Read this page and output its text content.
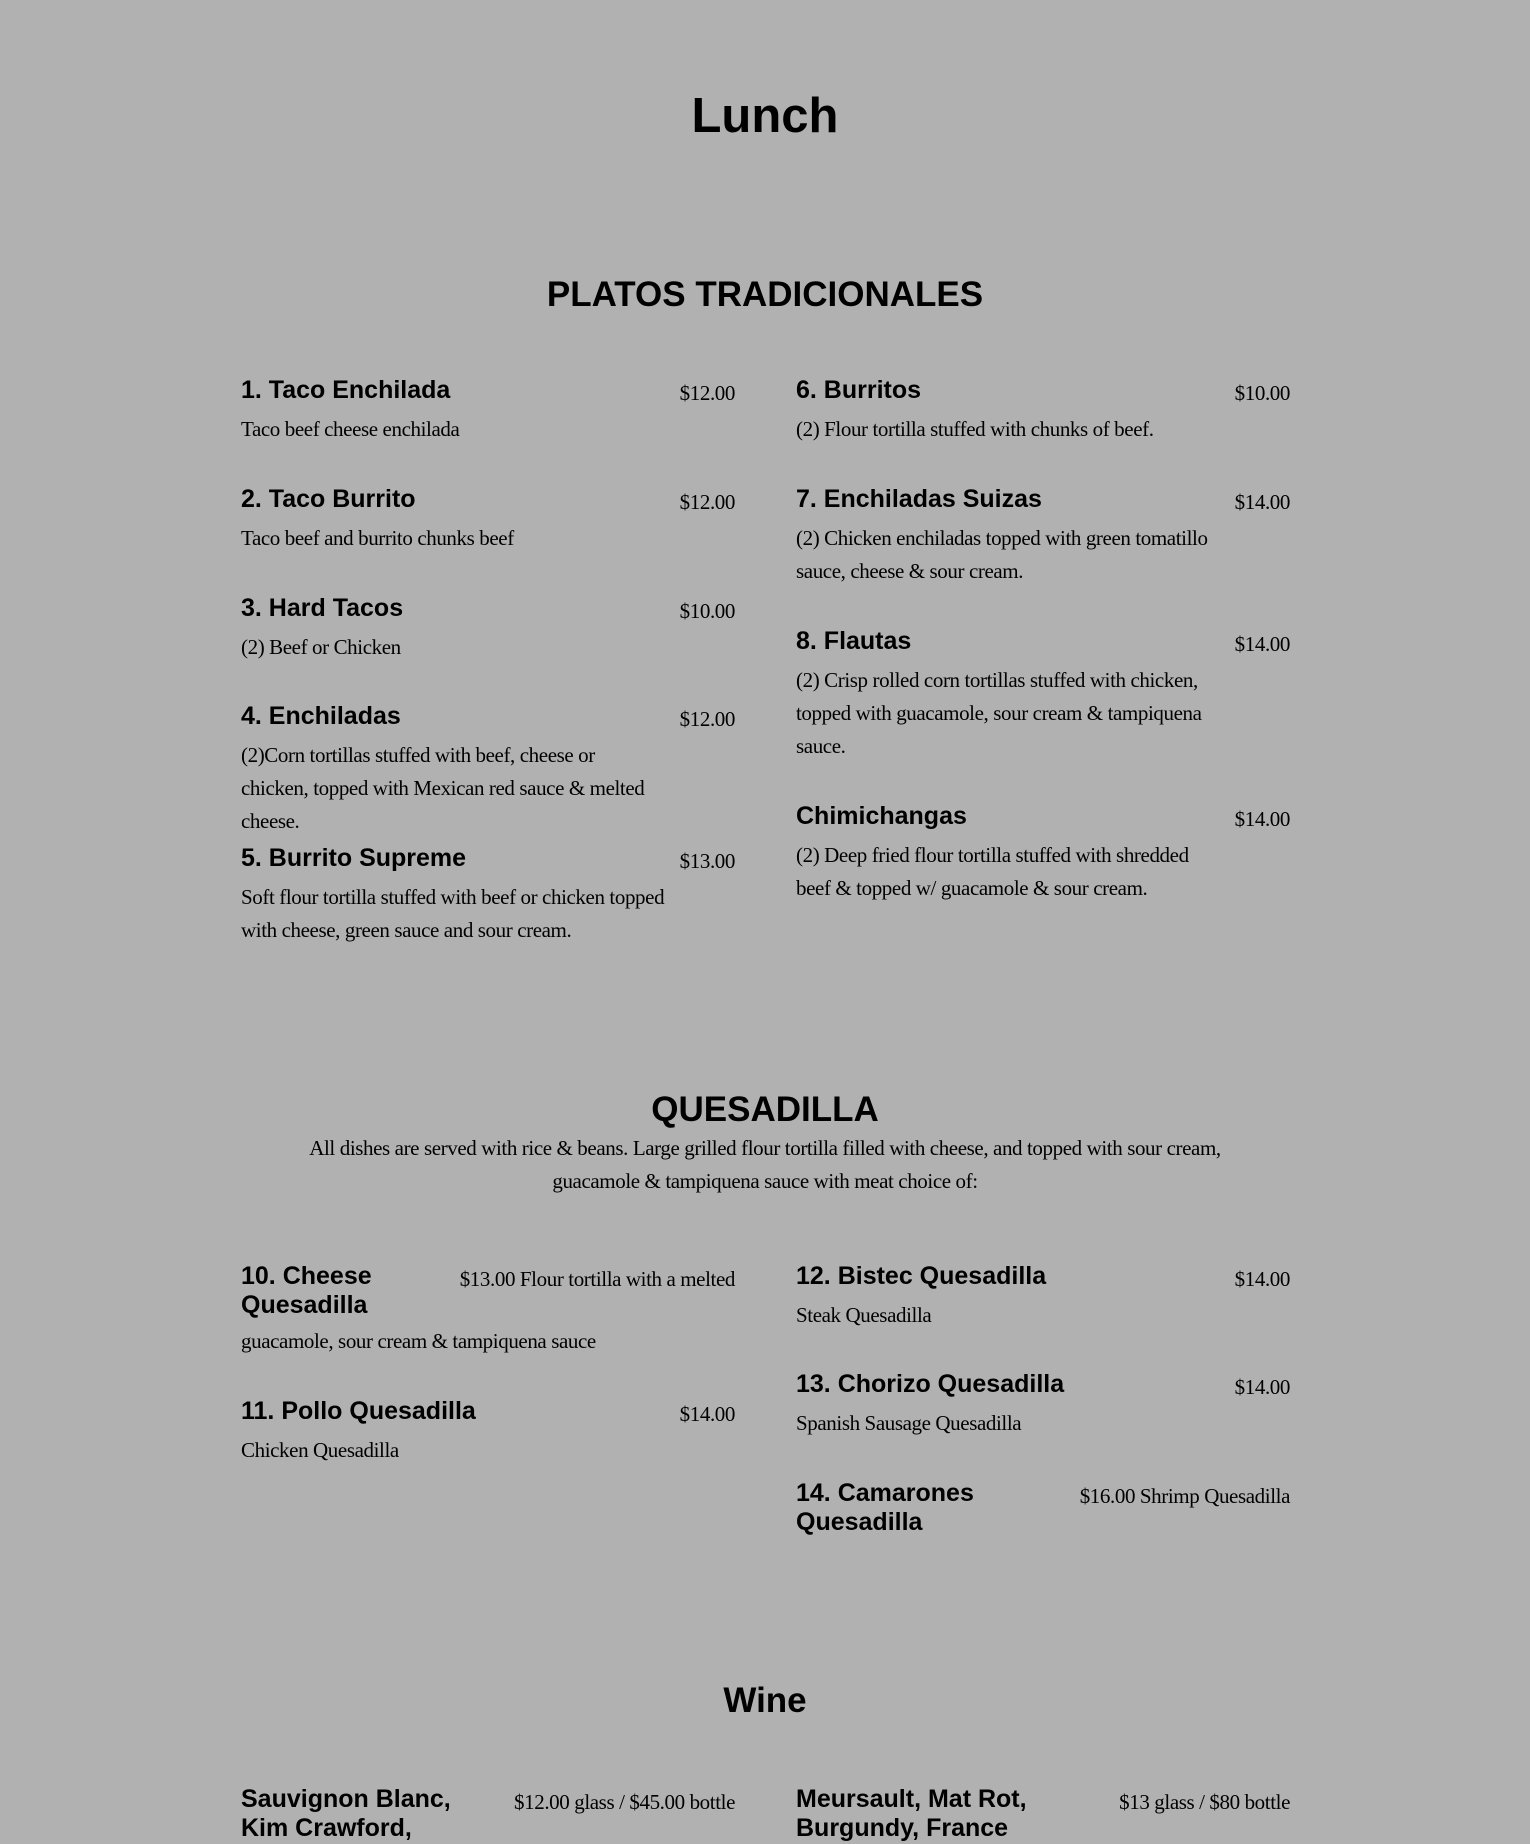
Lunch
PLATOS TRADICIONALES
1. Taco Enchilada	$12.00
Taco beef cheese enchilada
2. Taco Burrito	$12.00
Taco beef and burrito chunks beef
3. Hard Tacos	$10.00
(2) Beef or Chicken
4. Enchiladas	$12.00
(2)Corn tortillas stuffed with beef, cheese or chicken, topped with Mexican red sauce & melted cheese.
5. Burrito Supreme	$13.00
Soft flour tortilla stuffed with beef or chicken topped with cheese, green sauce and sour cream.
6. Burritos	$10.00
(2) Flour tortilla stuffed with chunks of beef.
7. Enchiladas Suizas	$14.00
(2) Chicken enchiladas topped with green tomatillo sauce, cheese & sour cream.
8. Flautas	$14.00
(2) Crisp rolled corn tortillas stuffed with chicken, topped with guacamole, sour cream & tampiquena sauce.
Chimichangas	$14.00
(2) Deep fried flour tortilla stuffed with shredded beef & topped w/ guacamole & sour cream.
QUESADILLA
All dishes are served with rice & beans. Large grilled flour tortilla filled with cheese, and topped with sour cream, guacamole & tampiquena sauce with meat choice of:
10. Cheese Quesadilla
$13.00 Flour tortilla with a melted
guacamole, sour cream & tampiquena sauce
11. Pollo Quesadilla	$14.00
Chicken Quesadilla
12. Bistec Quesadilla	$14.00
Steak Quesadilla
13. Chorizo Quesadilla	$14.00
Spanish Sausage Quesadilla
14. Camarones Quesadilla
$16.00 Shrimp Quesadilla
Wine
Sauvignon Blanc, Kim Crawford,
$12.00 glass / $45.00 bottle Meursault, Mat Rot, Burgundy, France
$13 glass / $80 bottle
